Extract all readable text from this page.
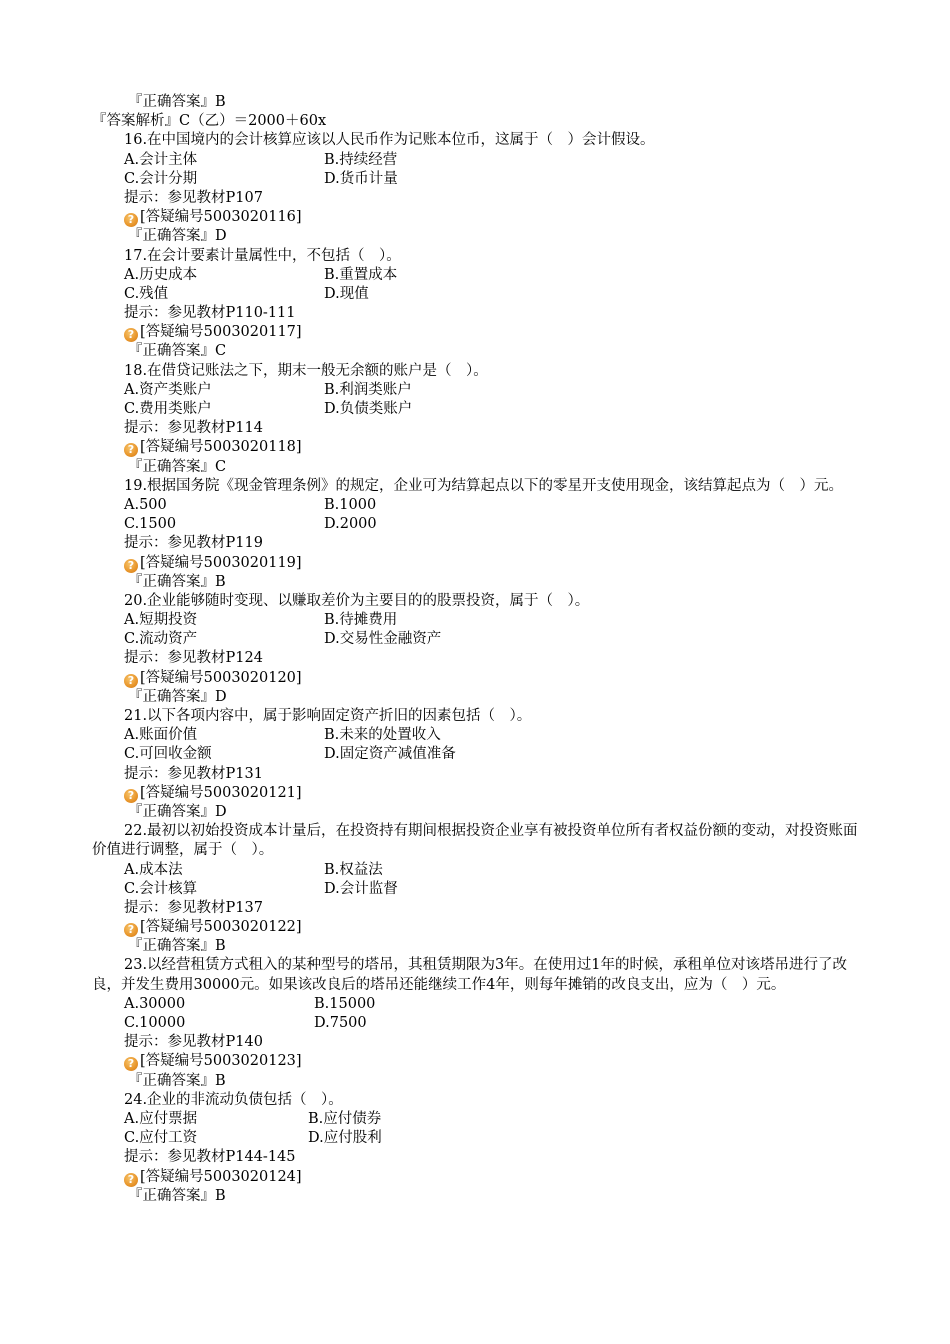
『正确答案』B
『答案解析』C（乙）＝2000＋60x
16.在中国境内的会计核算应该以人民币作为记账本位币，这属于（　）会计假设。
A.会计主体	B.持续经营
C.会计分期	D.货币计量
提示：参见教材P107
? [答疑编号5003020116]
『正确答案』D
17.在会计要素计量属性中，不包括（　）。
A.历史成本	B.重置成本
C.残值	D.现值
提示：参见教材P110-111
? [答疑编号5003020117]
『正确答案』C
18.在借贷记账法之下，期末一般无余额的账户是（　）。
A.资产类账户	B.利润类账户
C.费用类账户	D.负债类账户
提示：参见教材P114
? [答疑编号5003020118]
『正确答案』C
19.根据国务院《现金管理条例》的规定，企业可为结算起点以下的零星开支使用现金，该结算起点为（　）元。
A.500	B.1000
C.1500	D.2000
提示：参见教材P119
? [答疑编号5003020119]
『正确答案』B
20.企业能够随时变现、以赚取差价为主要目的的股票投资，属于（　）。
A.短期投资	B.待摊费用
C.流动资产	D.交易性金融资产
提示：参见教材P124
? [答疑编号5003020120]
『正确答案』D
21.以下各项内容中，属于影响固定资产折旧的因素包括（　）。
A.账面价值	B.未来的处置收入
C.可回收金额	D.固定资产减值准备
提示：参见教材P131
? [答疑编号5003020121]
『正确答案』D
22.最初以初始投资成本计量后，在投资持有期间根据投资企业享有被投资单位所有者权益份额的变动，对投资账面价值进行调整，属于（　）。
A.成本法	B.权益法
C.会计核算	D.会计监督
提示：参见教材P137
? [答疑编号5003020122]
『正确答案』B
23.以经营租赁方式租入的某种型号的塔吊，其租赁期限为3年。在使用过1年的时候，承租单位对该塔吊进行了改良，并发生费用30000元。如果该改良后的塔吊还能继续工作4年，则每年摊销的改良支出，应为（　）元。
A.30000	B.15000
C.10000	D.7500
提示：参见教材P140
? [答疑编号5003020123]
『正确答案』B
24.企业的非流动负债包括（　）。
A.应付票据	B.应付债券
C.应付工资	D.应付股利
提示：参见教材P144-145
? [答疑编号5003020124]
『正确答案』B
